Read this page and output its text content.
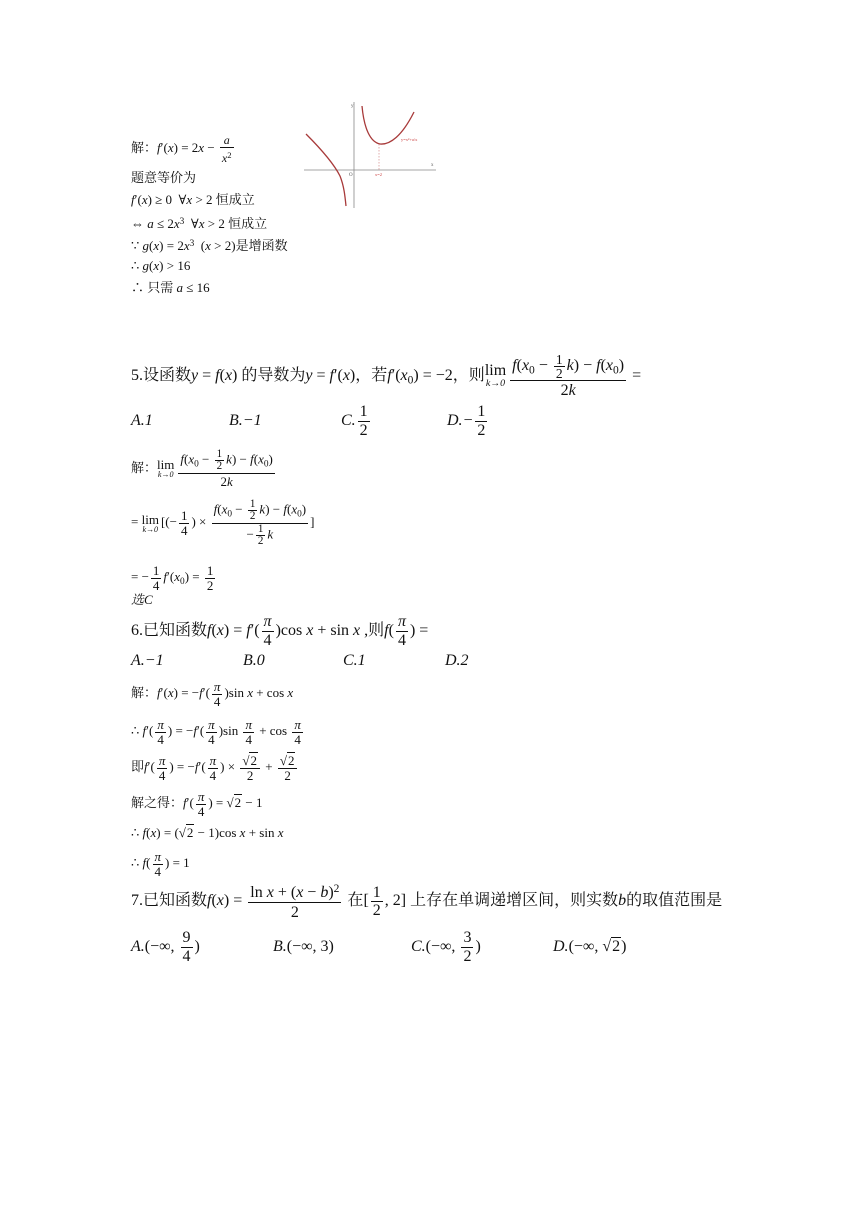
解：$f'(x) = 2x - \frac{a}{x^2}$
题意等价为
f′(x) ≥ 0  ∀x > 2 恒成立
⇔ $a \le 2x^3$  ∀x > 2 恒成立
∵ $g(x) = 2x^3$  (x > 2)是增函数
∴ g(x) > 16
∴ 只需 a ≤ 16
y
x
O	x=2
y=x²+a/x
5.设函数y = f(x) 的导数为y = f′(x)，若$f'(x_0) = -2$，则 lim
$k\to 0 \frac{f(x_0 - \frac{1}{2} k) - f(x_0)}{2k}$ =
A.1	B.−1	C. $\frac{1}{2}$	$D.- \frac{1}{2}$
解： lim
$k\to 0 \frac{f(x_0 - \frac{1}{2} k) - f(x_0)}{2k}$
= lim
k→0 [(− $\frac{1}{4}$ ) × $\frac{f(x_0 - \frac{1}{2} k) - f(x_0)}{- \frac{1}{2} k}$ ]
= − $\frac{1}{4} f'(x_0) = \frac{1}{2}$
选C
6.已知函数$f(x) = f'( \frac{\pi}{4} )\cos$ x + sin x ,则$f( \frac{\pi}{4}$ ) =
A.−1	B.0	C.1	D.2
解：$f'(x) = -f'( \frac{\pi}{4} )\sin$ x + cos x
∴ $f'( \frac{\pi}{4}$ ) = $-f'( \frac{\pi}{4} )\sin \frac{\pi}{4} + \cos \frac{\pi}{4}$
即$f'( \frac{\pi}{4}$ ) = $-f'( \frac{\pi}{4}$ ) × $\frac{√2}{2} + \frac{√2}{2}$
解之得：$f'( \frac{\pi}{4}$ ) = √2 − 1
∴ f(x) = (√2 − 1)cos x + sin x
∴ $f( \frac{\pi}{4}$ ) = 1
7.已知函数$f(x) = \frac{\ln x + (x - b)^2}{2}$ 在[ $\frac{1}{2}$ , 2] 上存在单调递增区间，则实数b的取值范围是
A.(−∞, $\frac{9}{4}$ )	B.(−∞, 3)	C.(−∞, $\frac{3}{2}$ )	D.(−∞, √2)
